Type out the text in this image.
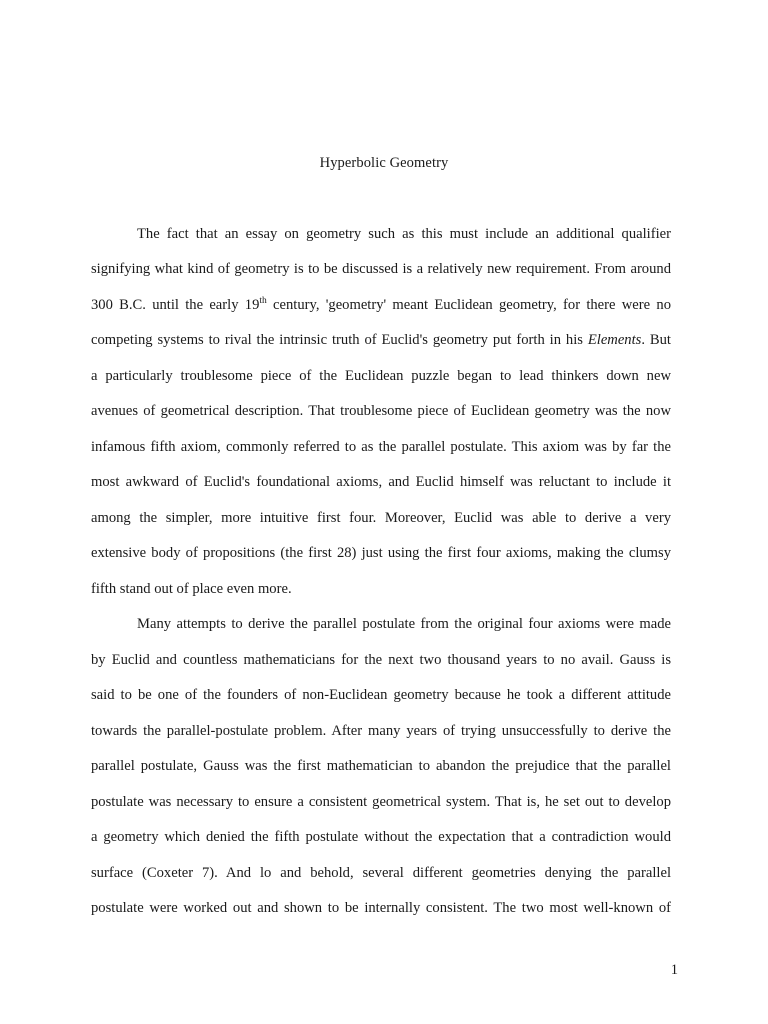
Hyperbolic Geometry
The fact that an essay on geometry such as this must include an additional qualifier
signifying what kind of geometry is to be discussed is a relatively new requirement. From around
300 B.C. until the early 19th century, 'geometry' meant Euclidean geometry, for there were no
competing systems to rival the intrinsic truth of Euclid's geometry put forth in his Elements. But
a particularly troublesome piece of the Euclidean puzzle began to lead thinkers down new
avenues of geometrical description. That troublesome piece of Euclidean geometry was the now
infamous fifth axiom, commonly referred to as the parallel postulate. This axiom was by far the
most awkward of Euclid's foundational axioms, and Euclid himself was reluctant to include it
among the simpler, more intuitive first four. Moreover, Euclid was able to derive a very
extensive body of propositions (the first 28) just using the first four axioms, making the clumsy
fifth stand out of place even more.
Many attempts to derive the parallel postulate from the original four axioms were made
by Euclid and countless mathematicians for the next two thousand years to no avail. Gauss is
said to be one of the founders of non-Euclidean geometry because he took a different attitude
towards the parallel-postulate problem. After many years of trying unsuccessfully to derive the
parallel postulate, Gauss was the first mathematician to abandon the prejudice that the parallel
postulate was necessary to ensure a consistent geometrical system. That is, he set out to develop
a geometry which denied the fifth postulate without the expectation that a contradiction would
surface (Coxeter 7). And lo and behold, several different geometries denying the parallel
postulate were worked out and shown to be internally consistent. The two most well-known of
1
